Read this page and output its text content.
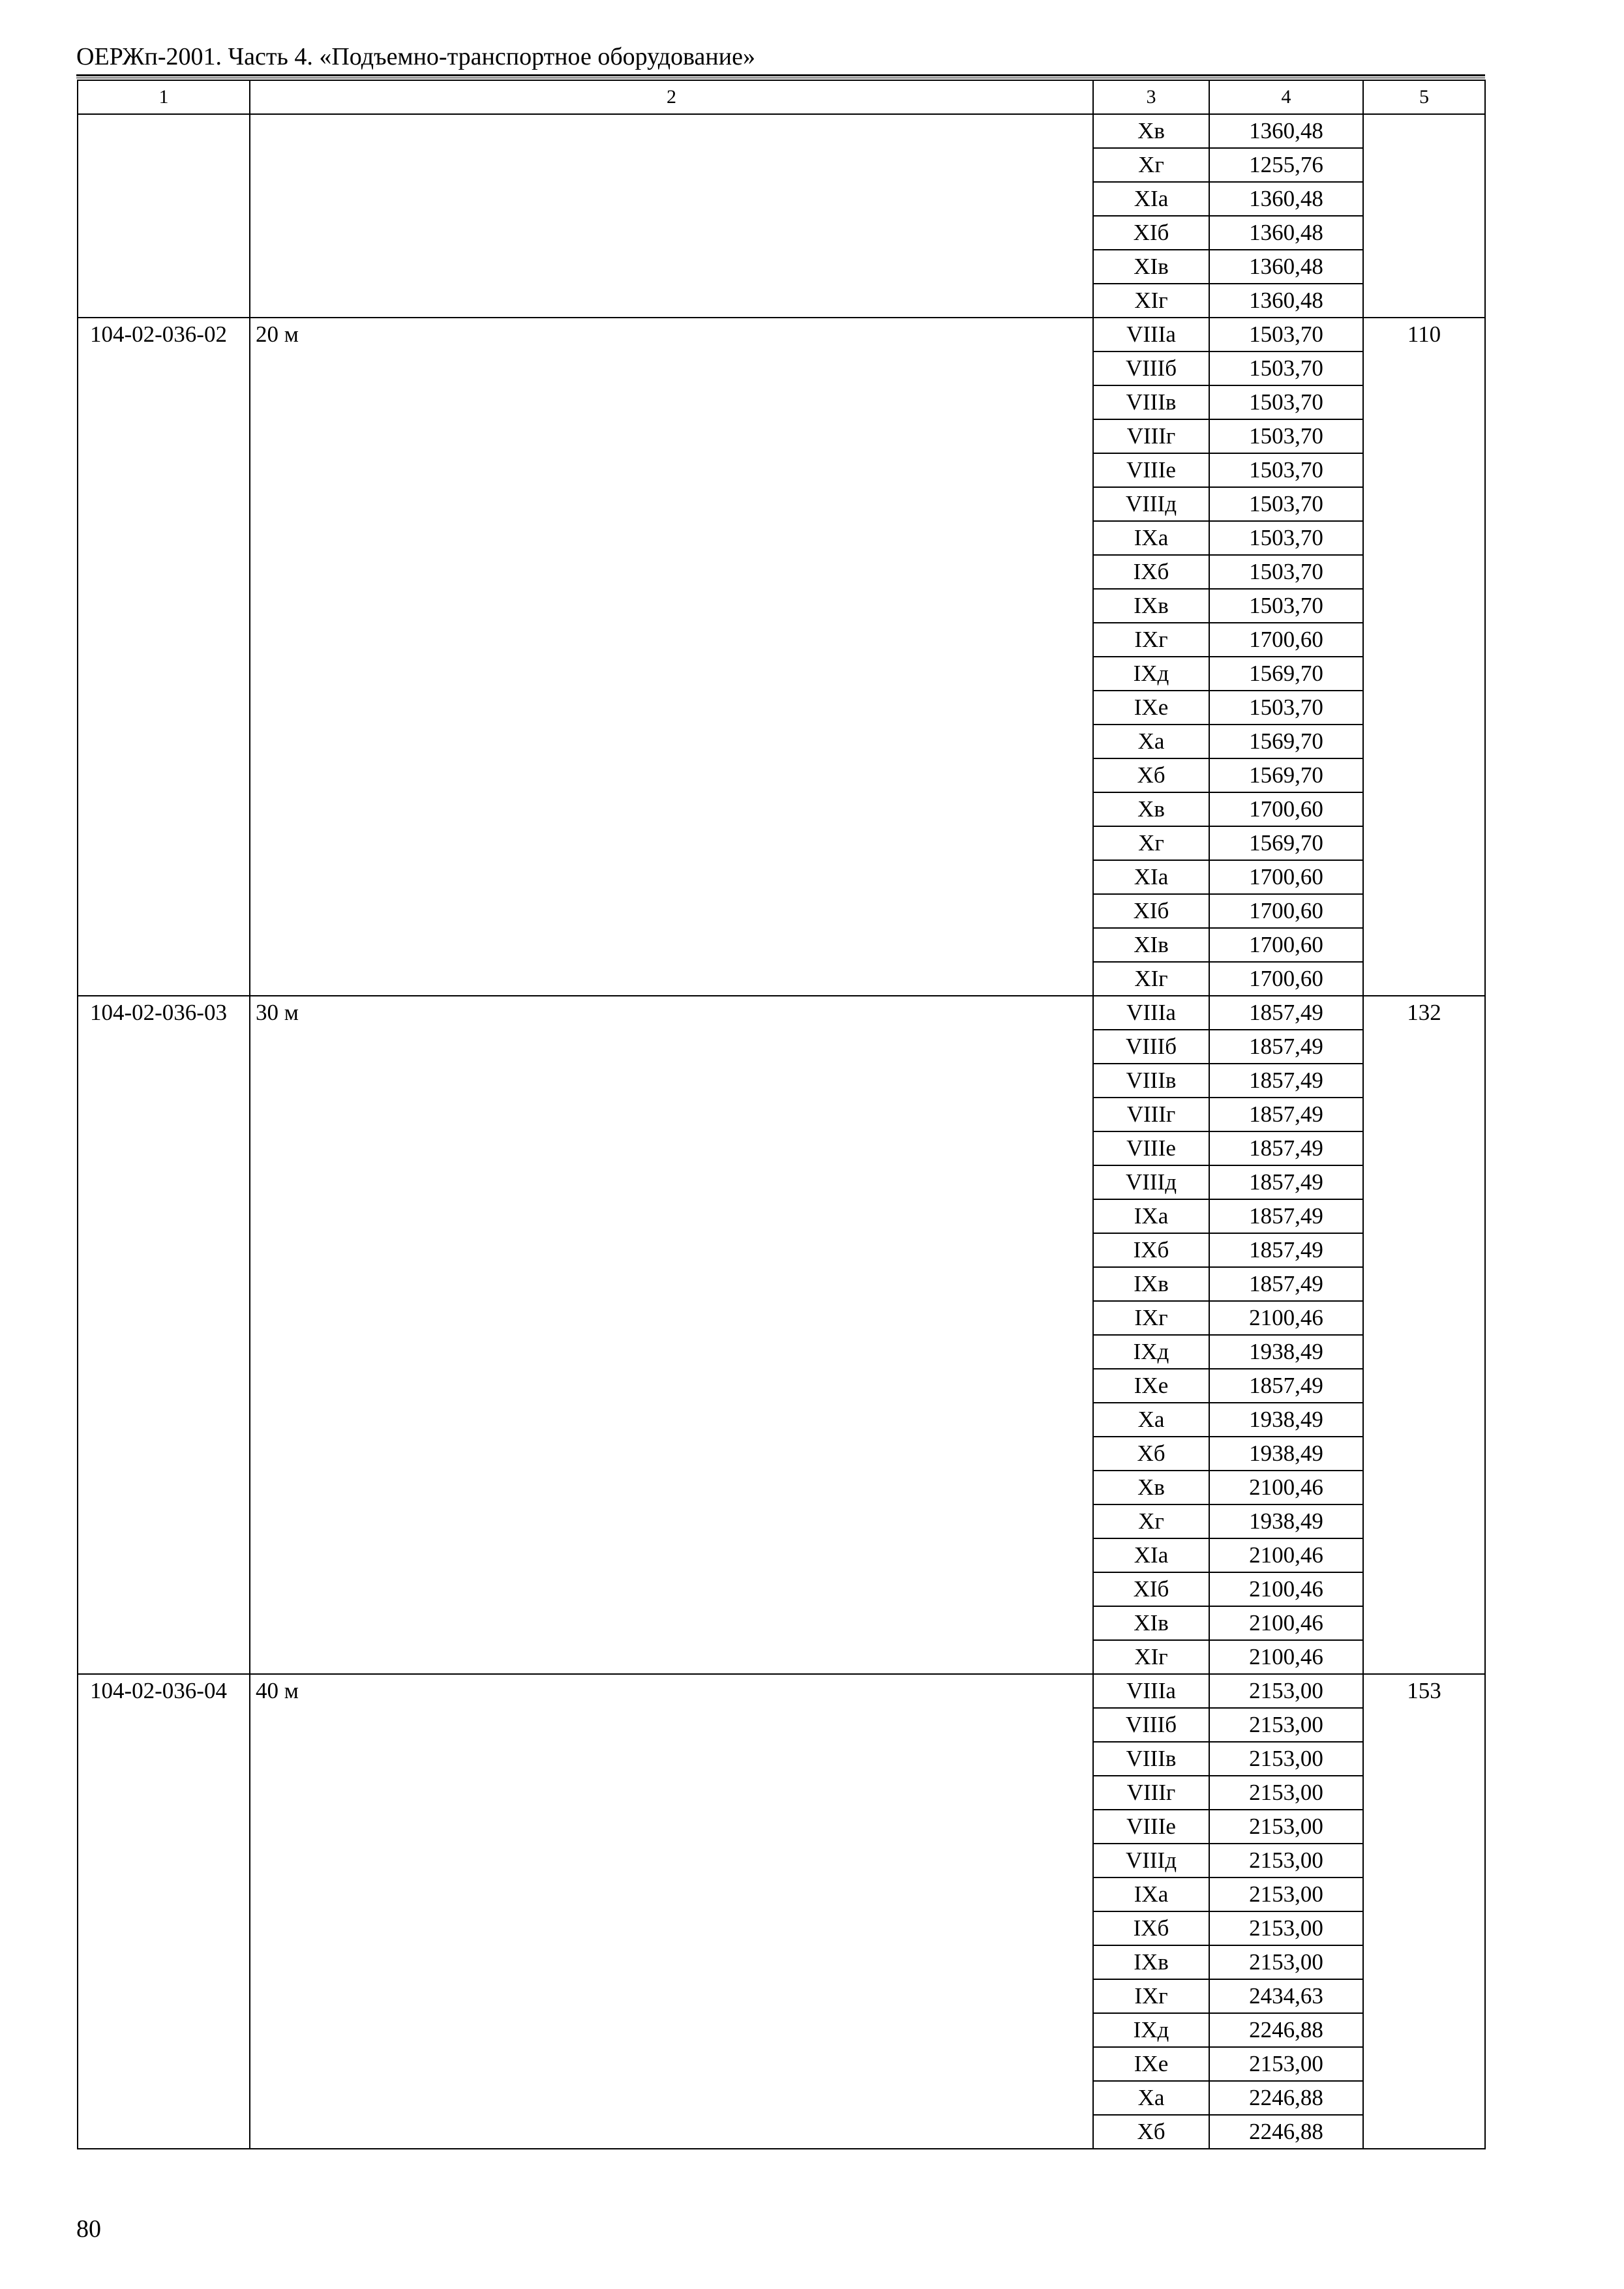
ОЕРЖп-2001. Часть 4. «Подъемно-транспортное оборудование»
1	2	3	4	5
		Хв	1360,48	
		Хг	1255,76	
		ХIа	1360,48	
		ХIб	1360,48	
		ХIв	1360,48	
		ХIг	1360,48	
104-02-036-02	20 м	VIIIа	1503,70	110
		VIIIб	1503,70	
		VIIIв	1503,70	
		VIIIг	1503,70	
		VIIIе	1503,70	
		VIIIд	1503,70	
		IХа	1503,70	
		IХб	1503,70	
		IХв	1503,70	
		IХг	1700,60	
		IХд	1569,70	
		IХе	1503,70	
		Ха	1569,70	
		Хб	1569,70	
		Хв	1700,60	
		Хг	1569,70	
		ХIа	1700,60	
		ХIб	1700,60	
		ХIв	1700,60	
		ХIг	1700,60	
104-02-036-03	30 м	VIIIа	1857,49	132
		VIIIб	1857,49	
		VIIIв	1857,49	
		VIIIг	1857,49	
		VIIIе	1857,49	
		VIIIд	1857,49	
		IХа	1857,49	
		IХб	1857,49	
		IХв	1857,49	
		IХг	2100,46	
		IХд	1938,49	
		IХе	1857,49	
		Ха	1938,49	
		Хб	1938,49	
		Хв	2100,46	
		Хг	1938,49	
		ХIа	2100,46	
		ХIб	2100,46	
		ХIв	2100,46	
		ХIг	2100,46	
104-02-036-04	40 м	VIIIа	2153,00	153
		VIIIб	2153,00	
		VIIIв	2153,00	
		VIIIг	2153,00	
		VIIIе	2153,00	
		VIIIд	2153,00	
		IХа	2153,00	
		IХб	2153,00	
		IХв	2153,00	
		IХг	2434,63	
		IХд	2246,88	
		IХе	2153,00	
		Ха	2246,88	
		Хб	2246,88	
80
